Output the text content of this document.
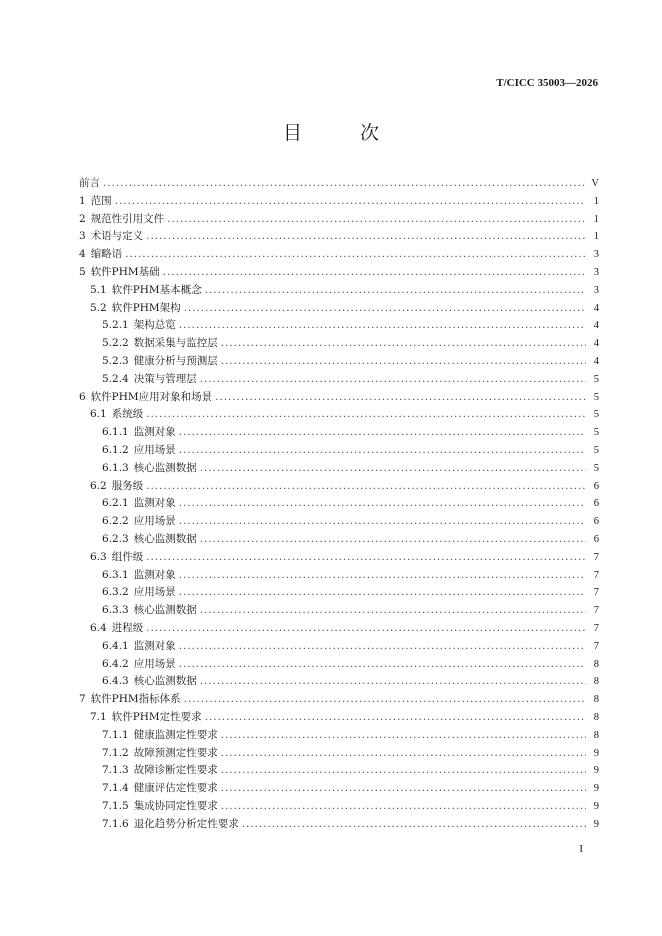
T/CICC 35003—2026
目 次
前言 . . .	V
1 范围 . . .	1
2 规范性引用文件 . . .	1
3 术语与定义 . . .	1
4 缩略语 . . .	3
5 软件PHM基础 . . .	3
5.1 软件PHM基本概念 . . .	3
5.2 软件PHM架构 . . .	4
5.2.1 架构总览 . . .	4
5.2.2 数据采集与监控层 . . .	4
5.2.3 健康分析与预测层 . . .	4
5.2.4 决策与管理层 . . .	5
6 软件PHM应用对象和场景 . . .	5
6.1 系统级 . . .	5
6.1.1 监测对象 . . .	5
6.1.2 应用场景 . . .	5
6.1.3 核心监测数据 . . .	5
6.2 服务级 . . .	6
6.2.1 监测对象 . . .	6
6.2.2 应用场景 . . .	6
6.2.3 核心监测数据 . . .	6
6.3 组件级 . . .	7
6.3.1 监测对象 . . .	7
6.3.2 应用场景 . . .	7
6.3.3 核心监测数据 . . .	7
6.4 进程级 . . .	7
6.4.1 监测对象 . . .	7
6.4.2 应用场景 . . .	8
6.4.3 核心监测数据 . . .	8
7 软件PHM指标体系 . . .	8
7.1 软件PHM定性要求 . . .	8
7.1.1 健康监测定性要求 . . .	8
7.1.2 故障预测定性要求 . . .	9
7.1.3 故障诊断定性要求 . . .	9
7.1.4 健康评估定性要求 . . .	9
7.1.5 集成协同定性要求 . . .	9
7.1.6 退化趋势分析定性要求 . . .	9
I
